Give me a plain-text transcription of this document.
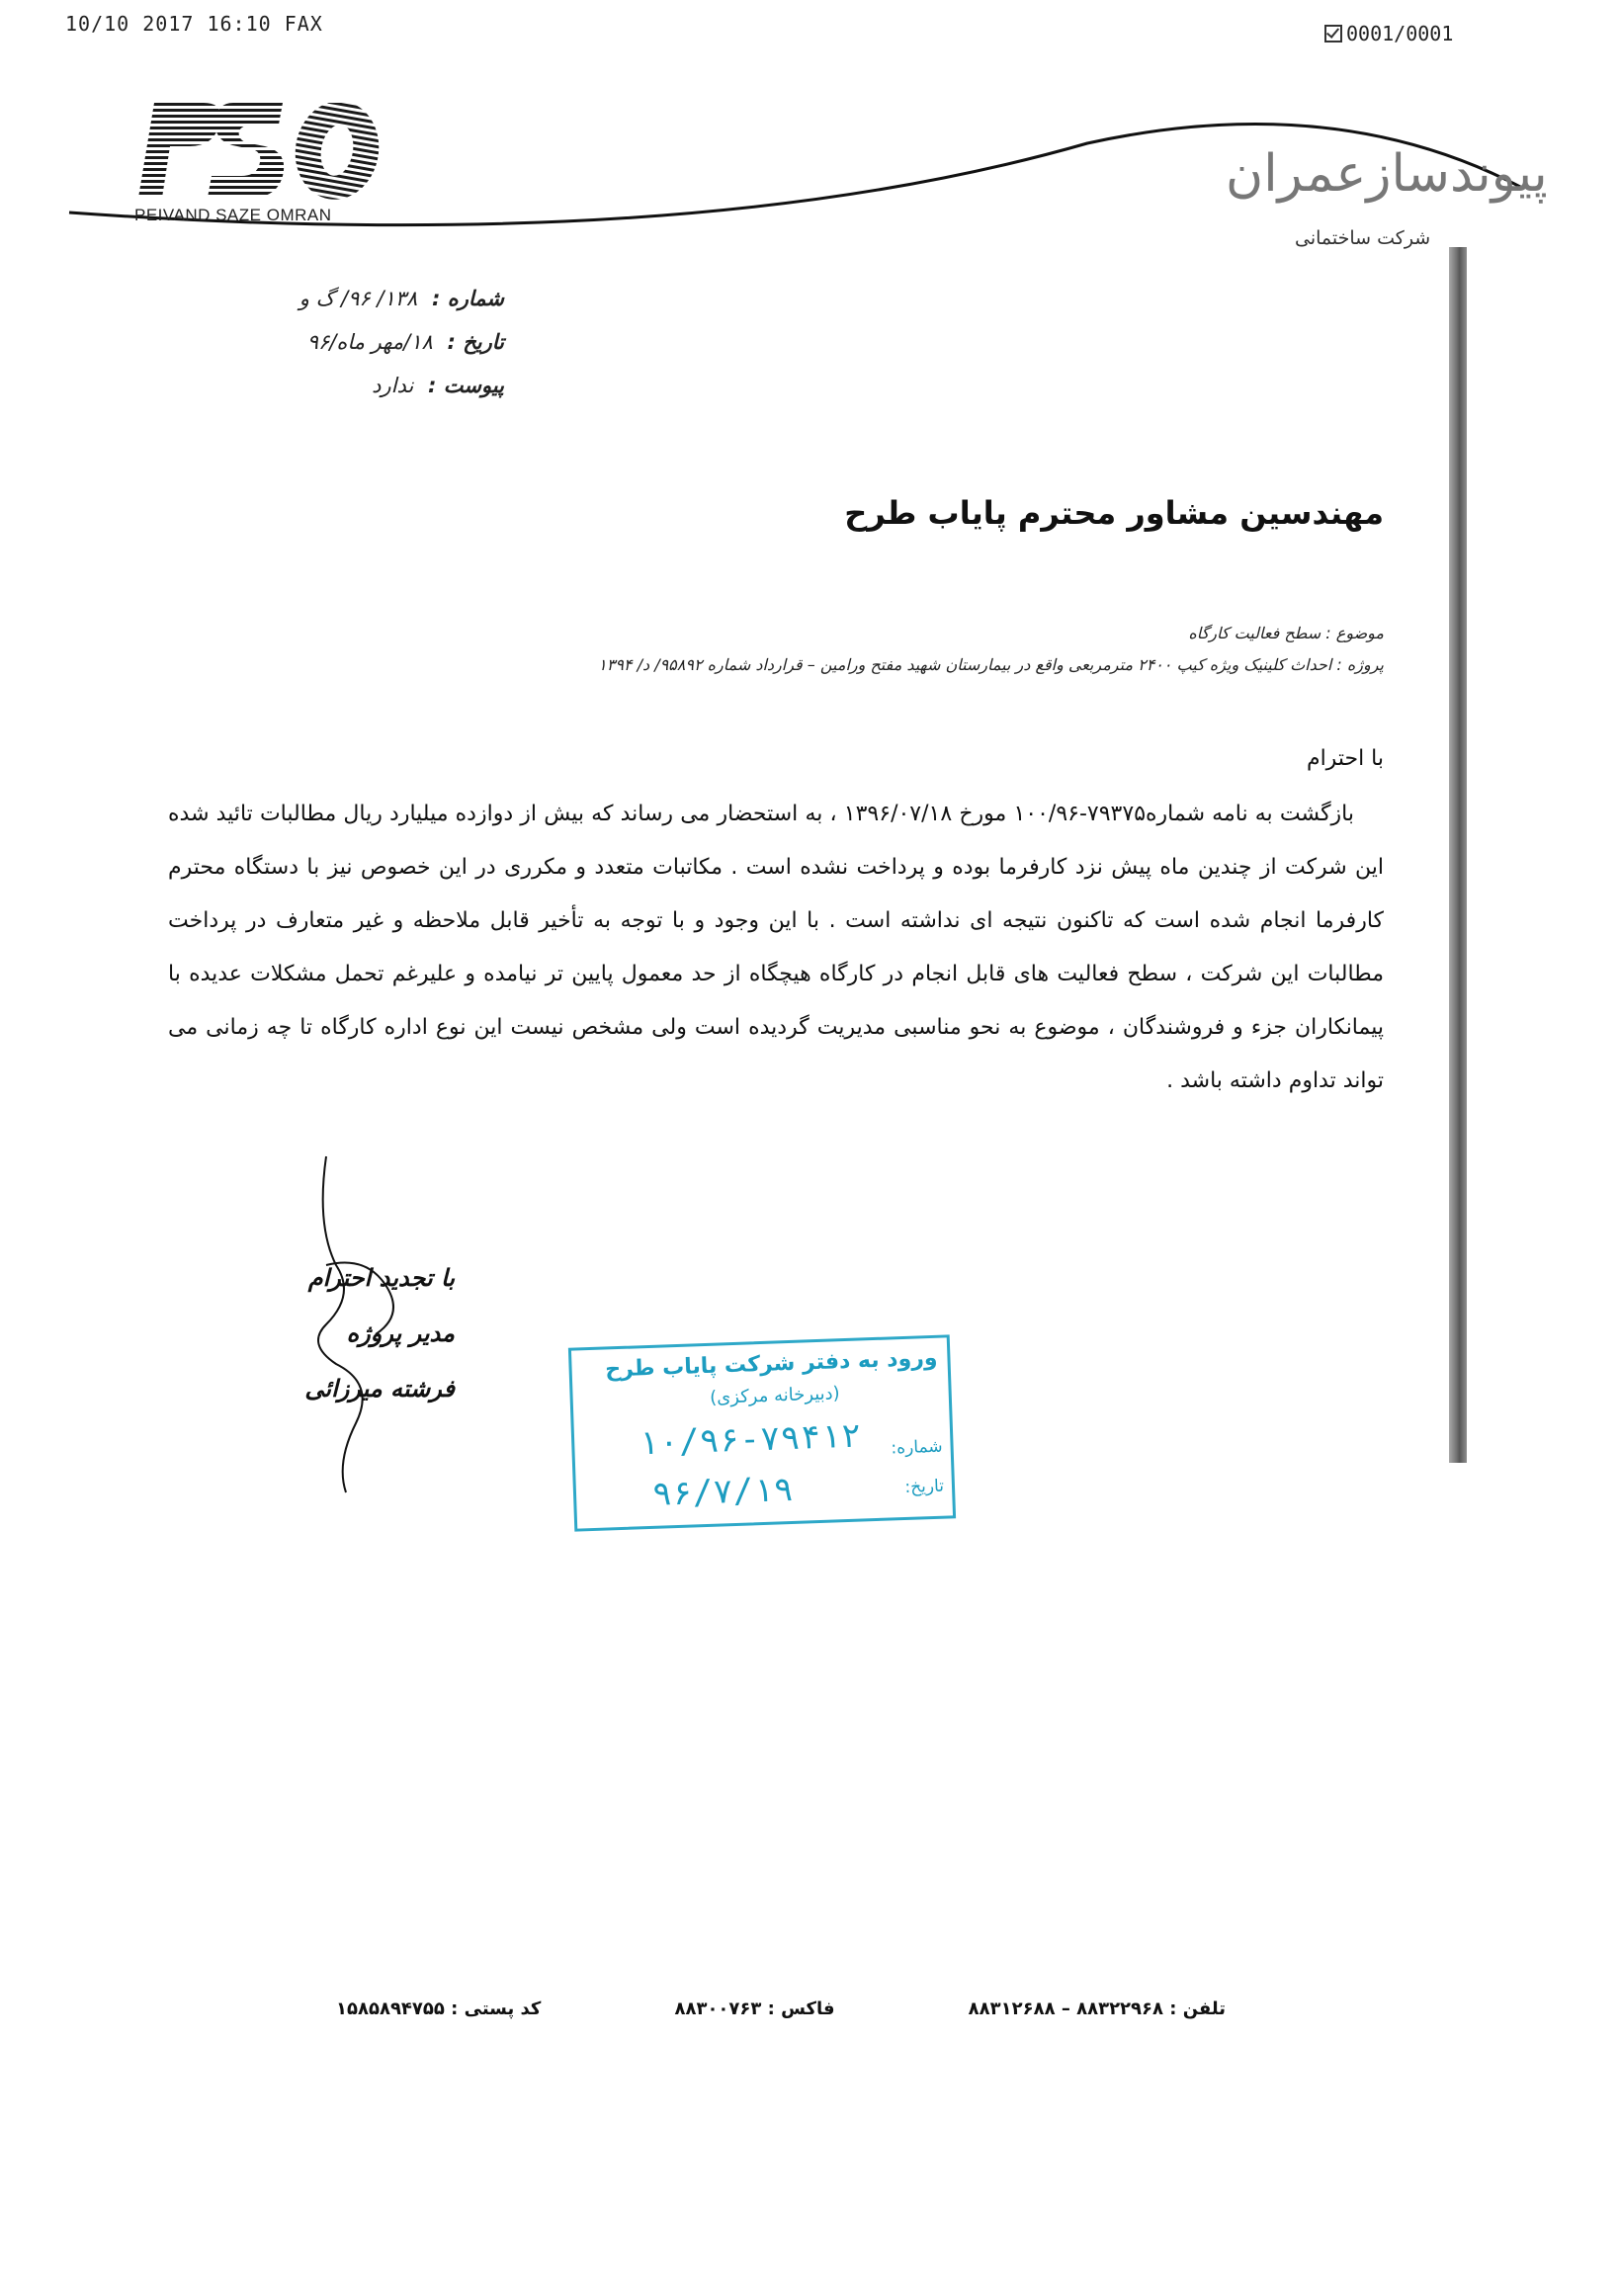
10/10 2017 16:10 FAX	0001/0001
PEIVAND SAZE OMRAN
پیوندسازعمران
شرکت ساختمانی
شماره : ۱۳۸/ ۹۶/ گ و
تاریخ : ۱۸/مهر ماه/۹۶
پیوست : ندارد
مهندسین مشاور محترم پایاب طرح
موضوع : سطح فعالیت کارگاه
پروژه : احداث کلینیک ویژه کیپ ۲۴۰۰ مترمربعی واقع در بیمارستان شهید مفتح ورامین – قرارداد شماره ۹۵۸۹۲/ د/ ۱۳۹۴
با احترام

بازگشت به نامه شماره۷۹۳۷۵-۱۰۰/۹۶ مورخ ۱۳۹۶/۰۷/۱۸ ، به استحضار می رساند که بیش از دوازده میلیارد ریال مطالبات تائید شده این شرکت از چندین ماه پیش نزد کارفرما بوده و پرداخت نشده است . مکاتبات متعدد و مکرری در این خصوص نیز با دستگاه محترم کارفرما انجام شده است که تاکنون نتیجه ای نداشته است . با این وجود و با توجه به تأخیر قابل ملاحظه و غیر متعارف در پرداخت مطالبات این شرکت ، سطح فعالیت های قابل انجام در کارگاه هیچگاه از حد معمول پایین تر نیامده و علیرغم تحمل مشکلات عدیده با پیمانکاران جزء و فروشندگان ، موضوع به نحو مناسبی مدیریت گردیده است ولی مشخص نیست این نوع اداره کارگاه تا چه زمانی می تواند تداوم داشته باشد .

با تجدید احترام
مدیر پروژه
فرشته میرزائی
ورود به دفتر شرکت پایاب طرح
(دبیرخانه مرکزی)
شماره:
۱۰/۹۶-۷۹۴۱۲
تاریخ:
۹۶/۷/۱۹
تلفن : ۸۸۳۲۲۹۶۸ – ۸۸۳۱۲۶۸۸
فاکس : ۸۸۳۰۰۷۶۳
کد پستی : ۱۵۸۵۸۹۴۷۵۵
